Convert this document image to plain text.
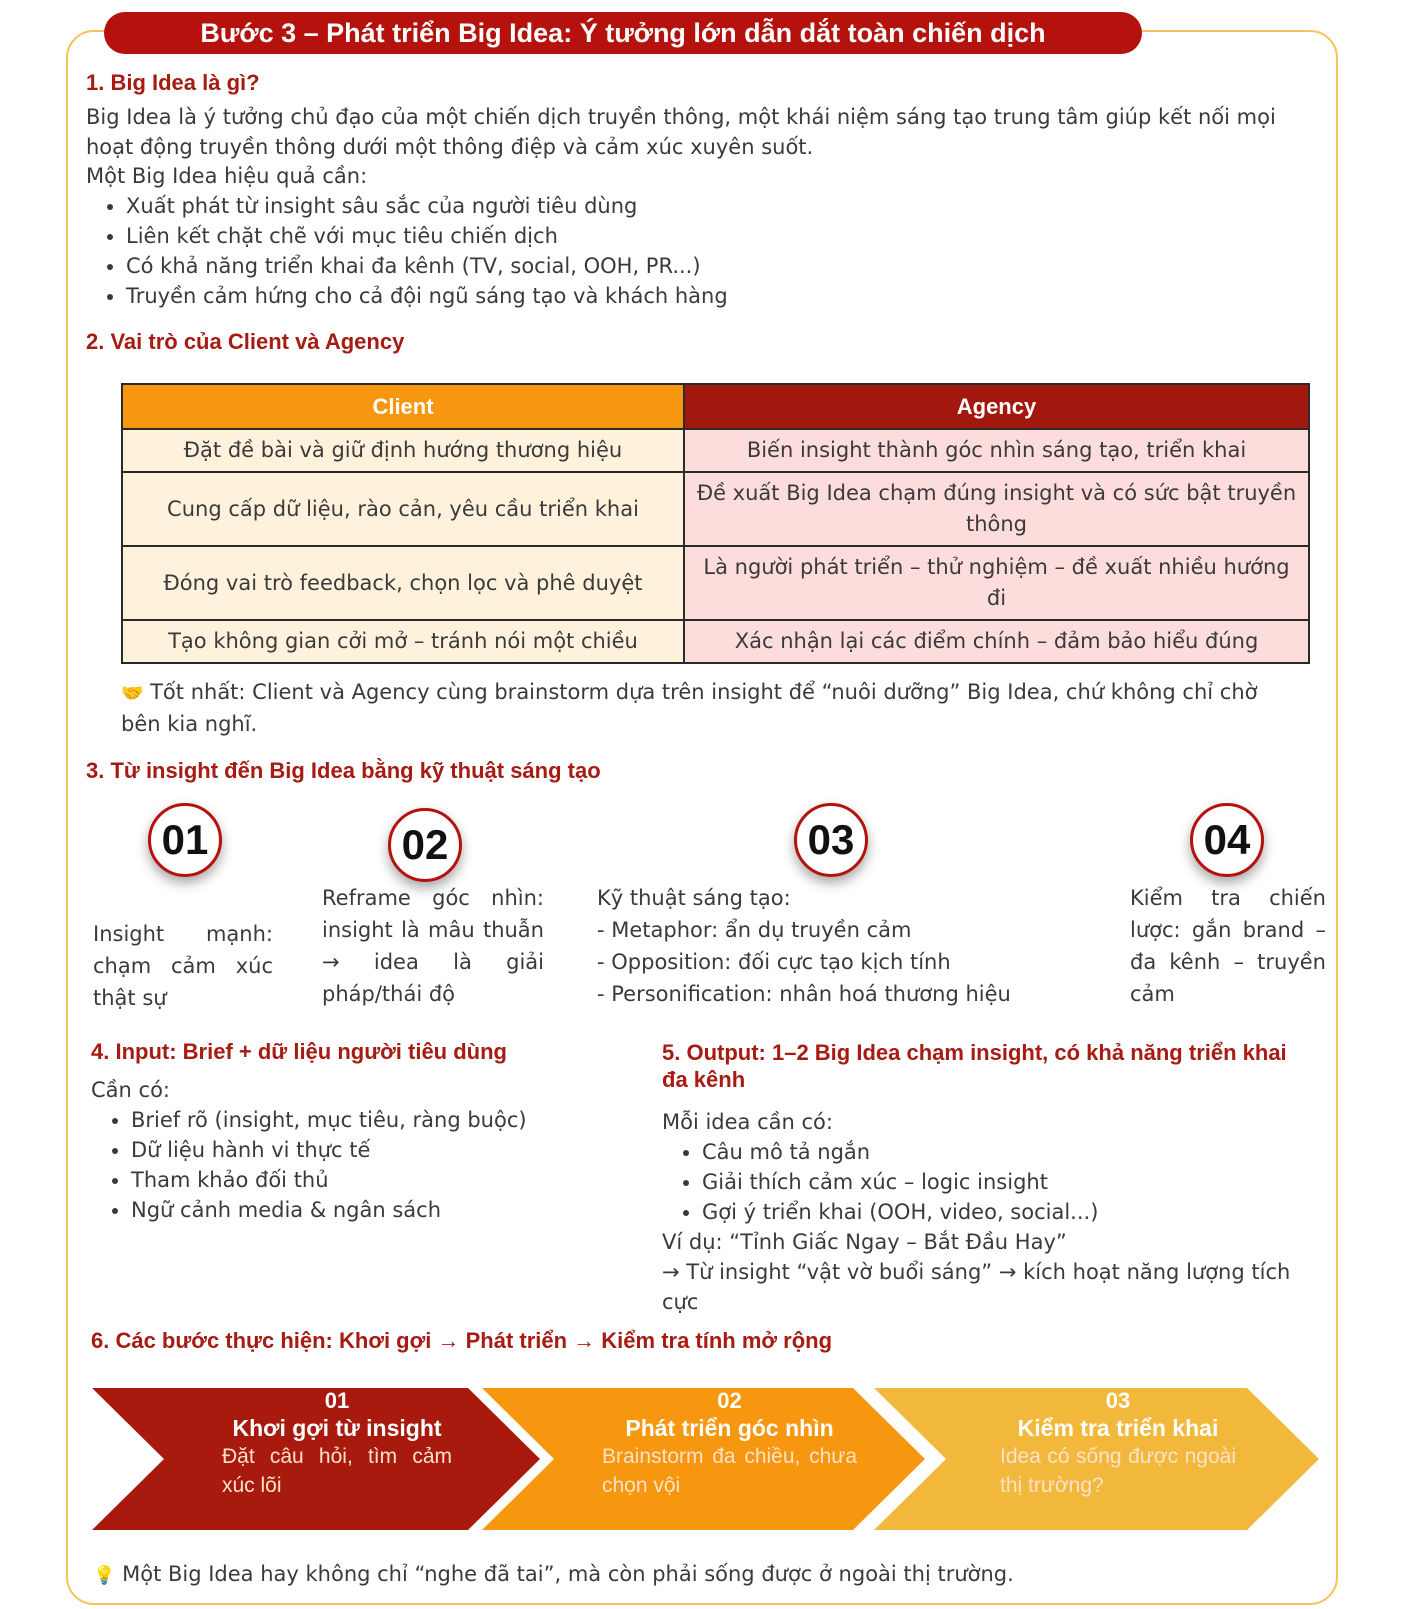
Bước 3 – Phát triển Big Idea: Ý tưởng lớn dẫn dắt toàn chiến dịch
1. Big Idea là gì?

Big Idea là ý tưởng chủ đạo của một chiến dịch truyền thông, một khái niệm sáng tạo trung tâm giúp kết nối mọi hoạt động truyền thông dưới một thông điệp và cảm xúc xuyên suốt.

Một Big Idea hiệu quả cần:

• Xuất phát từ insight sâu sắc của người tiêu dùng
• Liên kết chặt chẽ với mục tiêu chiến dịch
• Có khả năng triển khai đa kênh (TV, social, OOH, PR...)
• Truyền cảm hứng cho cả đội ngũ sáng tạo và khách hàng
2. Vai trò của Client và Agency
Client	Agency
Đặt đề bài và giữ định hướng thương hiệu	Biến insight thành góc nhìn sáng tạo, triển khai
Cung cấp dữ liệu, rào cản, yêu cầu triển khai	Đề xuất Big Idea chạm đúng insight và có sức bật truyền thông
Đóng vai trò feedback, chọn lọc và phê duyệt	Là người phát triển – thử nghiệm – đề xuất nhiều hướng đi
Tạo không gian cởi mở – tránh nói một chiều	Xác nhận lại các điểm chính – đảm bảo hiểu đúng

🤝 Tốt nhất: Client và Agency cùng brainstorm dựa trên insight để “nuôi dưỡng” Big Idea, chứ không chỉ chờ bên kia nghĩ.

3. Từ insight đến Big Idea bằng kỹ thuật sáng tạo
01	02	03	04

Insight mạnh: chạm cảm xúc thật sự

Reframe góc nhìn: insight là mâu thuẫn → idea là giải pháp/thái độ

Kỹ thuật sáng tạo:
- Metaphor: ẩn dụ truyền cảm
- Opposition: đối cực tạo kịch tính
- Personification: nhân hoá thương hiệu

Kiểm tra chiến lược: gắn brand – đa kênh – truyền cảm

4. Input: Brief + dữ liệu người tiêu dùng

Cần có:

• Brief rõ (insight, mục tiêu, ràng buộc)
• Dữ liệu hành vi thực tế
• Tham khảo đối thủ
• Ngữ cảnh media & ngân sách
5. Output: 1–2 Big Idea chạm insight, có khả năng triển khai đa kênh

Mỗi idea cần có:

• Câu mô tả ngắn
• Giải thích cảm xúc – logic insight
• Gợi ý triển khai (OOH, video, social...)

Ví dụ: “Tỉnh Giấc Ngay – Bắt Đầu Hay”

→ Từ insight “vật vờ buổi sáng” → kích hoạt năng lượng tích cực

6. Các bước thực hiện: Khơi gợi → Phát triển → Kiểm tra tính mở rộng
01
Khơi gợi từ insight
Đặt câu hỏi, tìm cảm xúc lõi
02
Phát triển góc nhìn
Brainstorm đa chiều, chưa chọn vội
03
Kiểm tra triển khai
Idea có sống được ngoài thị trường?

💡 Một Big Idea hay không chỉ “nghe đã tai”, mà còn phải sống được ở ngoài thị trường.
